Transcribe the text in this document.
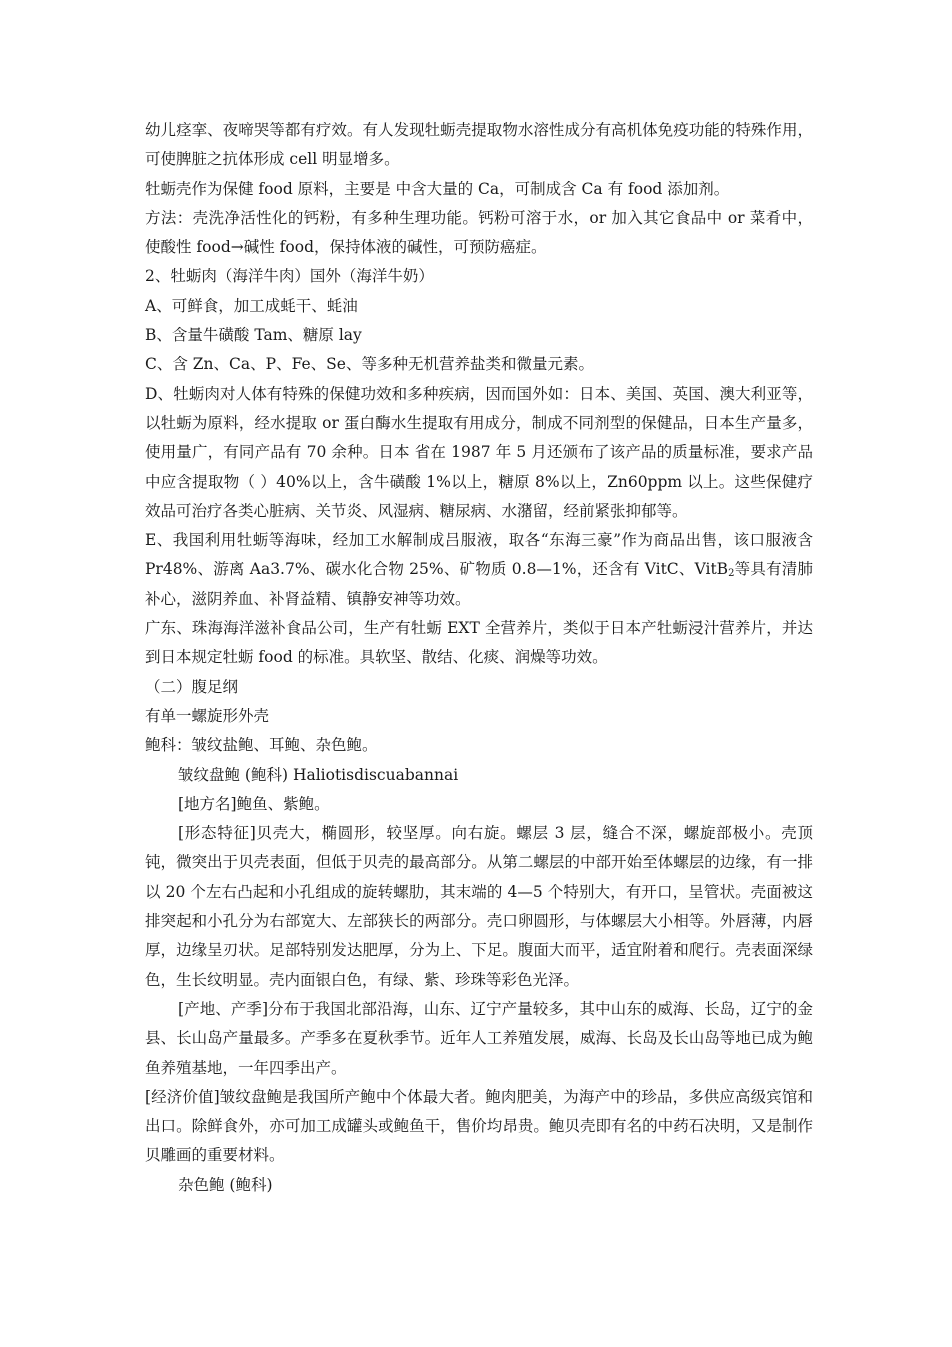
幼儿痉挛、夜啼哭等都有疗效。有人发现牡蛎壳提取物水溶性成分有高机体免疫功能的特殊作用，可使脾脏之抗体形成 cell 明显增多。

牡蛎壳作为保健 food 原料，主要是 中含大量的 Ca，可制成含 Ca 有 food 添加剂。

方法：壳洗净活性化的钙粉，有多种生理功能。钙粉可溶于水，or 加入其它食品中 or 菜肴中，使酸性 food→碱性 food，保持体液的碱性，可预防癌症。

2、牡蛎肉（海洋牛肉）国外（海洋牛奶）

A、可鲜食，加工成蚝干、蚝油

B、含量牛磺酸 Tam、糖原 lay

C、含 Zn、Ca、P、Fe、Se、等多种无机营养盐类和微量元素。

D、牡蛎肉对人体有特殊的保健功效和多种疾病，因而国外如：日本、美国、英国、澳大利亚等，以牡蛎为原料，经水提取 or 蛋白酶水生提取有用成分，制成不同剂型的保健品，日本生产量多，使用量广，有同产品有 70 余种。日本 省在 1987 年 5 月还颁布了该产品的质量标准，要求产品中应含提取物（ ）40%以上，含牛磺酸 1%以上，糖原 8%以上，Zn60ppm 以上。这些保健疗效品可治疗各类心脏病、关节炎、风湿病、糖尿病、水潴留，经前紧张抑郁等。

E、我国利用牡蛎等海味，经加工水解制成吕服液，取各“东海三豪”作为商品出售，该口服液含 Pr48%、游离 Aa3.7%、碳水化合物 25%、矿物质 0.8—1%，还含有 VitC、VitB$_2$等具有清肺补心，滋阴养血、补肾益精、镇静安神等功效。

广东、珠海海洋滋补食品公司，生产有牡蛎 EXT 全营养片，类似于日本产牡蛎浸汁营养片，并达到日本规定牡蛎 food 的标准。具软坚、散结、化痰、润燥等功效。

（二）腹足纲

有单一螺旋形外壳

鲍科：皱纹盐鲍、耳鲍、杂色鲍。

皱纹盘鲍 (鲍科) Haliotisdiscuabannai

[地方名]鲍鱼、紫鲍。

[形态特征]贝壳大，椭圆形，较坚厚。向右旋。螺层 3 层，缝合不深，螺旋部极小。壳顶钝，微突出于贝壳表面，但低于贝壳的最高部分。从第二螺层的中部开始至体螺层的边缘，有一排以 20 个左右凸起和小孔组成的旋转螺肋，其末端的 4—5 个特别大，有开口，呈管状。壳面被这排突起和小孔分为右部宽大、左部狭长的两部分。壳口卵圆形，与体螺层大小相等。外唇薄，内唇厚，边缘呈刃状。足部特别发达肥厚，分为上、下足。腹面大而平，适宜附着和爬行。壳表面深绿色，生长纹明显。壳内面银白色，有绿、紫、珍珠等彩色光泽。

[产地、产季]分布于我国北部沿海，山东、辽宁产量较多，其中山东的威海、长岛，辽宁的金县、长山岛产量最多。产季多在夏秋季节。近年人工养殖发展，威海、长岛及长山岛等地已成为鲍鱼养殖基地，一年四季出产。

[经济价值]皱纹盘鲍是我国所产鲍中个体最大者。鲍肉肥美，为海产中的珍品，多供应高级宾馆和出口。除鲜食外，亦可加工成罐头或鲍鱼干，售价均昂贵。鲍贝壳即有名的中药石决明，又是制作贝雕画的重要材料。

杂色鲍 (鲍科)
